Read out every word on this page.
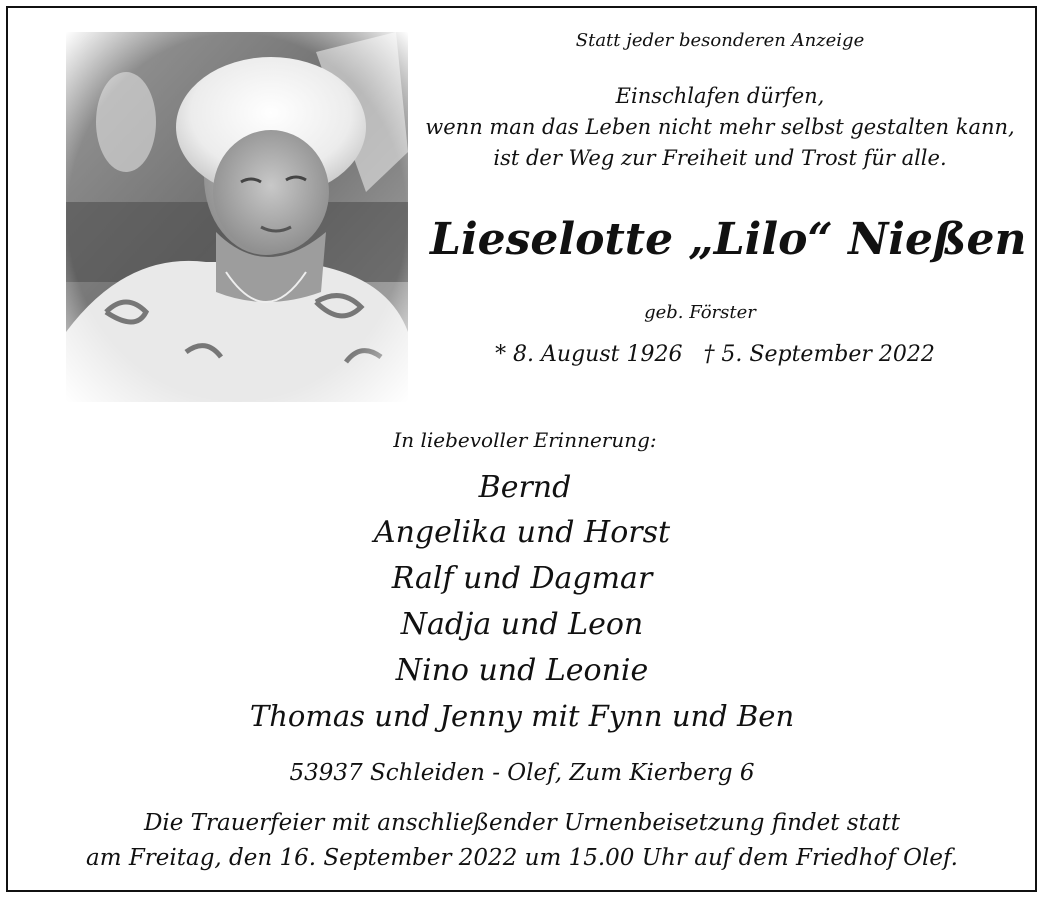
Statt jeder besonderen Anzeige
Einschlafen dürfen,
wenn man das Leben nicht mehr selbst gestalten kann,
ist der Weg zur Freiheit und Trost für alle.
Lieselotte „Lilo“ Nießen
geb. Förster
* 8. August 1926   † 5. September 2022
In liebevoller Erinnerung:
Bernd
Angelika und Horst
Ralf und Dagmar
Nadja und Leon
Nino und Leonie
Thomas und Jenny mit Fynn und Ben
53937 Schleiden - Olef, Zum Kierberg 6
Die Trauerfeier mit anschließender Urnenbeisetzung findet statt
am Freitag, den 16. September 2022 um 15.00 Uhr auf dem Friedhof Olef.
